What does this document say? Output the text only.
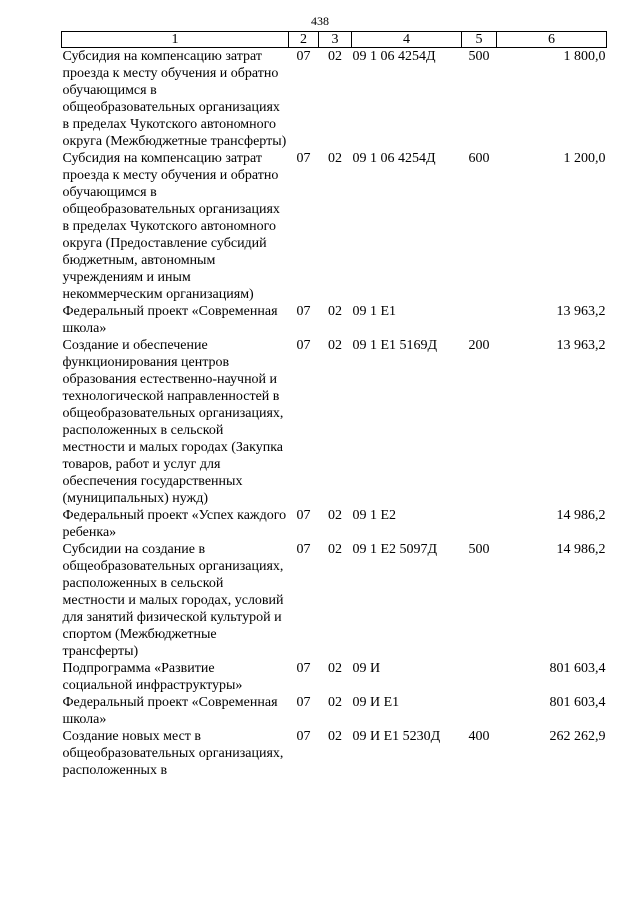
438
1	2	3	4	5	6
Субсидия на компенсацию затрат проезда к месту обучения и обратно обучающимся в общеобразовательных организациях в пределах Чукотского автономного округа (Межбюджетные трансферты)	07	02	09 1 06 4254Д	500	1 800,0
Субсидия на компенсацию затрат проезда к месту обучения и обратно обучающимся в общеобразовательных организациях в пределах Чукотского автономного округа (Предоставление субсидий бюджетным, автономным учреждениям и иным некоммерческим организациям)	07	02	09 1 06 4254Д	600	1 200,0
Федеральный проект «Современная школа»	07	02	09 1 E1		13 963,2
Создание и обеспечение функционирования центров образования естественно-научной и технологической направленностей в общеобразовательных организациях, расположенных в сельской местности и малых городах (Закупка товаров, работ и услуг для обеспечения государственных (муниципальных) нужд)	07	02	09 1 E1 5169Д	200	13 963,2
Федеральный проект «Успех каждого ребенка»	07	02	09 1 E2		14 986,2
Субсидии на создание в общеобразовательных организациях, расположенных в сельской местности и малых городах, условий для занятий физической культурой и спортом (Межбюджетные трансферты)	07	02	09 1 E2 5097Д	500	14 986,2
Подпрограмма «Развитие социальной инфраструктуры»	07	02	09 И		801 603,4
Федеральный проект «Современная школа»	07	02	09 И E1		801 603,4
Создание новых мест в общеобразовательных организациях, расположенных в	07	02	09 И E1 5230Д	400	262 262,9
